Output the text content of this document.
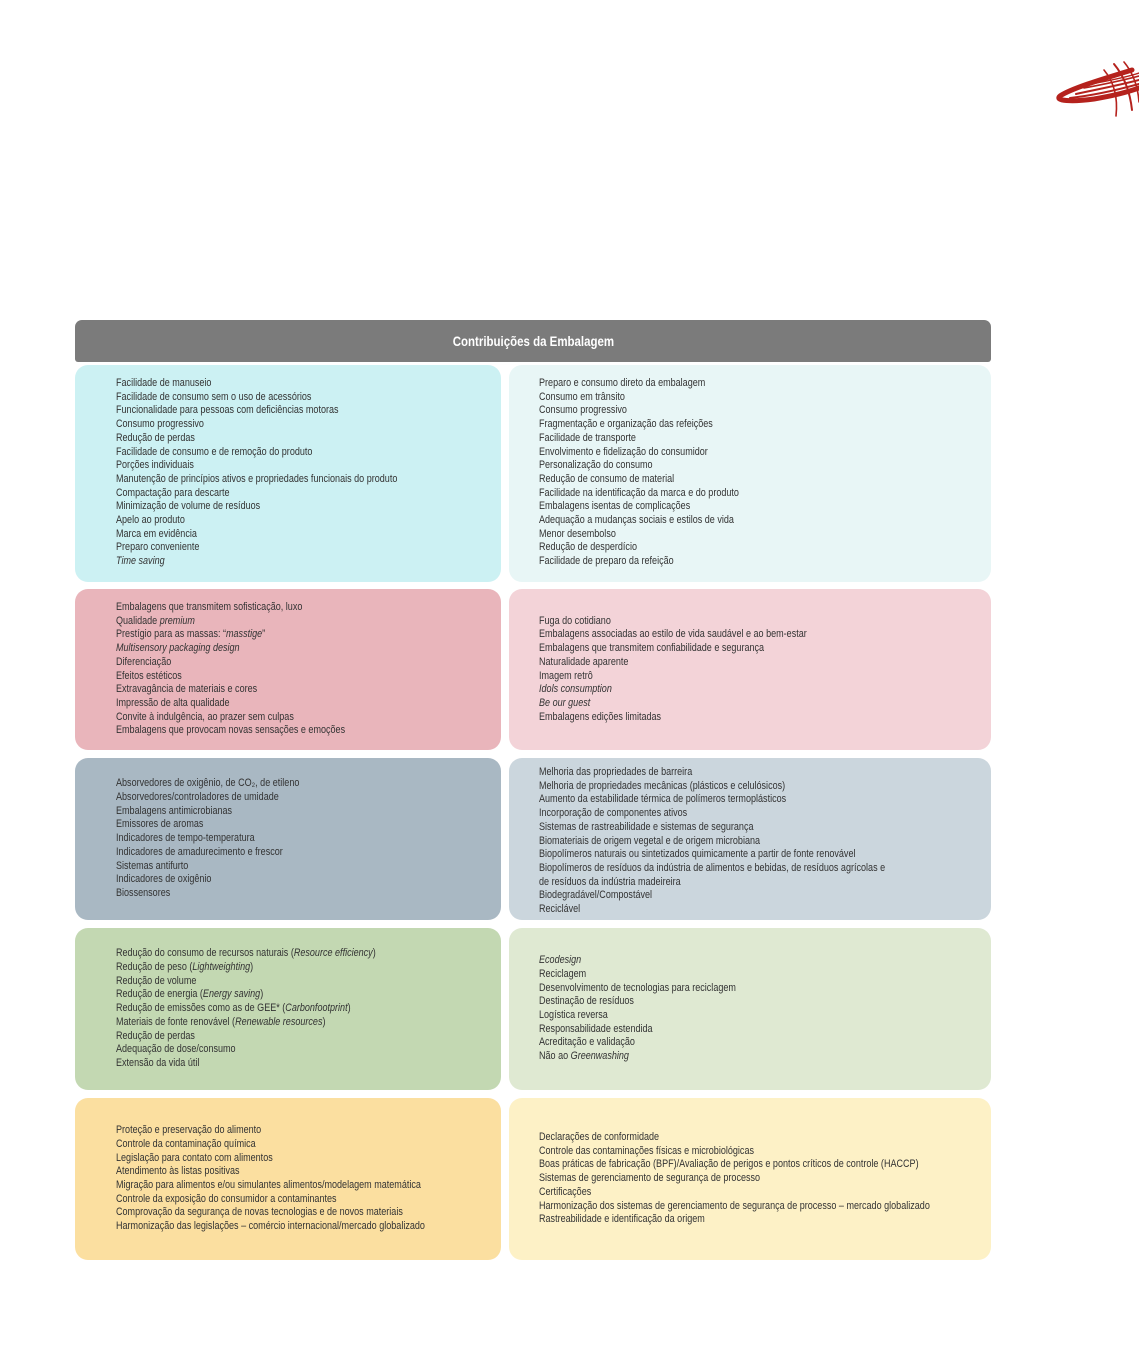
Contribuições da Embalagem
Facilidade de manuseio
Facilidade de consumo sem o uso de acessórios
Funcionalidade para pessoas com deficiências motoras
Consumo progressivo
Redução de perdas
Facilidade de consumo e de remoção do produto
Porções individuais
Manutenção de princípios ativos e propriedades funcionais do produto
Compactação para descarte
Minimização de volume de resíduos
Apelo ao produto
Marca em evidência
Preparo conveniente
Time saving
Preparo e consumo direto da embalagem
Consumo em trânsito
Consumo progressivo
Fragmentação e organização das refeições
Facilidade de transporte
Envolvimento e fidelização do consumidor
Personalização do consumo
Redução de consumo de material
Facilidade na identificação da marca e do produto
Embalagens isentas de complicações
Adequação a mudanças sociais e estilos de vida
Menor desembolso
Redução de desperdício
Facilidade de preparo da refeição
Embalagens que transmitem sofisticação, luxo
Qualidade premium
Prestígio para as massas: “masstige”
Multisensory packaging design
Diferenciação
Efeitos estéticos
Extravagância de materiais e cores
Impressão de alta qualidade
Convite à indulgência, ao prazer sem culpas
Embalagens que provocam novas sensações e emoções
Fuga do cotidiano
Embalagens associadas ao estilo de vida saudável e ao bem-estar
Embalagens que transmitem confiabilidade e segurança
Naturalidade aparente
Imagem retrô
Idols consumption
Be our guest
Embalagens edições limitadas
Absorvedores de oxigênio, de CO₂, de etileno
Absorvedores/controladores de umidade
Embalagens antimicrobianas
Emissores de aromas
Indicadores de tempo-temperatura
Indicadores de amadurecimento e frescor
Sistemas antifurto
Indicadores de oxigênio
Biossensores
Melhoria das propriedades de barreira
Melhoria de propriedades mecânicas (plásticos e celulósicos)
Aumento da estabilidade térmica de polímeros termoplásticos
Incorporação de componentes ativos
Sistemas de rastreabilidade e sistemas de segurança
Biomateriais de origem vegetal e de origem microbiana
Biopolímeros naturais ou sintetizados quimicamente a partir de fonte renovável
Biopolímeros de resíduos da indústria de alimentos e bebidas, de resíduos agrícolas e
de resíduos da indústria madeireira
Biodegradável/Compostável
Reciclável
Redução do consumo de recursos naturais (Resource efficiency)
Redução de peso (Lightweighting)
Redução de volume
Redução de energia (Energy saving)
Redução de emissões como as de GEE* (Carbonfootprint)
Materiais de fonte renovável (Renewable resources)
Redução de perdas
Adequação de dose/consumo
Extensão da vida útil
Ecodesign
Reciclagem
Desenvolvimento de tecnologias para reciclagem
Destinação de resíduos
Logística reversa
Responsabilidade estendida
Acreditação e validação
Não ao Greenwashing
Proteção e preservação do alimento
Controle da contaminação química
Legislação para contato com alimentos
Atendimento às listas positivas
Migração para alimentos e/ou simulantes alimentos/modelagem matemática
Controle da exposição do consumidor a contaminantes
Comprovação da segurança de novas tecnologias e de novos materiais
Harmonização das legislações – comércio internacional/mercado globalizado
Declarações de conformidade
Controle das contaminações físicas e microbiológicas
Boas práticas de fabricação (BPF)/Avaliação de perigos e pontos críticos de controle (HACCP)
Sistemas de gerenciamento de segurança de processo
Certificações
Harmonização dos sistemas de gerenciamento de segurança de processo – mercado globalizado
Rastreabilidade e identificação da origem
